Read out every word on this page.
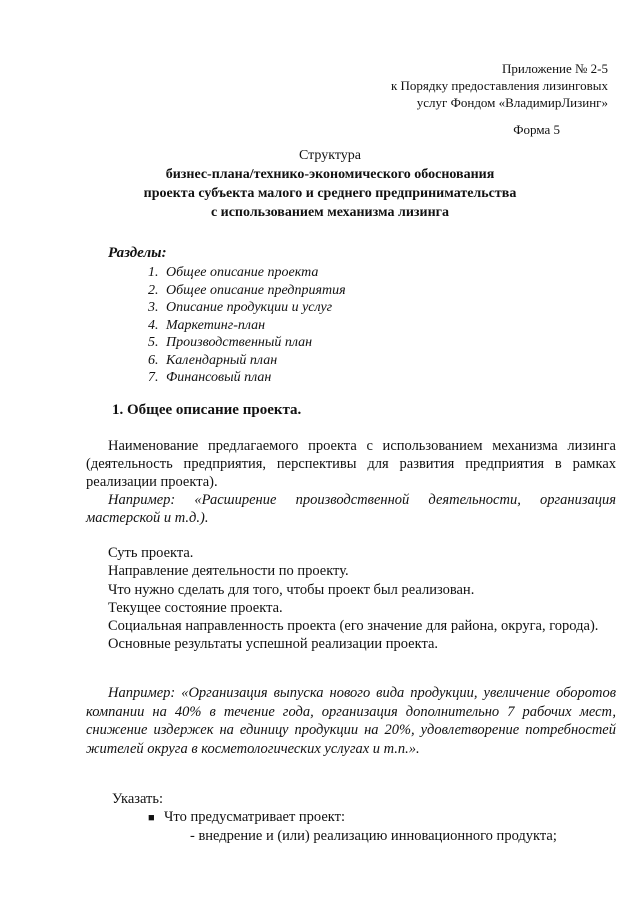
Приложение № 2-5
к Порядку предоставления лизинговых
услуг Фондом «ВладимирЛизинг»
Форма 5
Структура
бизнес-плана/технико-экономического обоснования
проекта субъекта малого и среднего предпринимательства
с использованием механизма лизинга
Разделы:
1. Общее описание проекта
2. Общее описание предприятия
3. Описание продукции и услуг
4. Маркетинг-план
5. Производственный план
6. Календарный план
7. Финансовый план
1. Общее описание проекта.
Наименование предлагаемого проекта с использованием механизма лизинга (деятельность предприятия, перспективы для развития предприятия в рамках реализации проекта).
Например: «Расширение производственной деятельности, организация мастерской и т.д.).
Суть проекта.
Направление деятельности по проекту.
Что нужно сделать для того, чтобы проект был реализован.
Текущее состояние проекта.
Социальная направленность проекта (его значение для района, округа, города).
Основные результаты успешной реализации проекта.
Например: «Организация выпуска нового вида продукции, увеличение оборотов компании на 40% в течение года, организация дополнительно 7 рабочих мест, снижение издержек на единицу продукции на 20%, удовлетворение потребностей жителей округа в косметологических услугах и т.п.».
Указать:
■ Что предусматривает проект:
- внедрение и (или) реализацию инновационного продукта;
